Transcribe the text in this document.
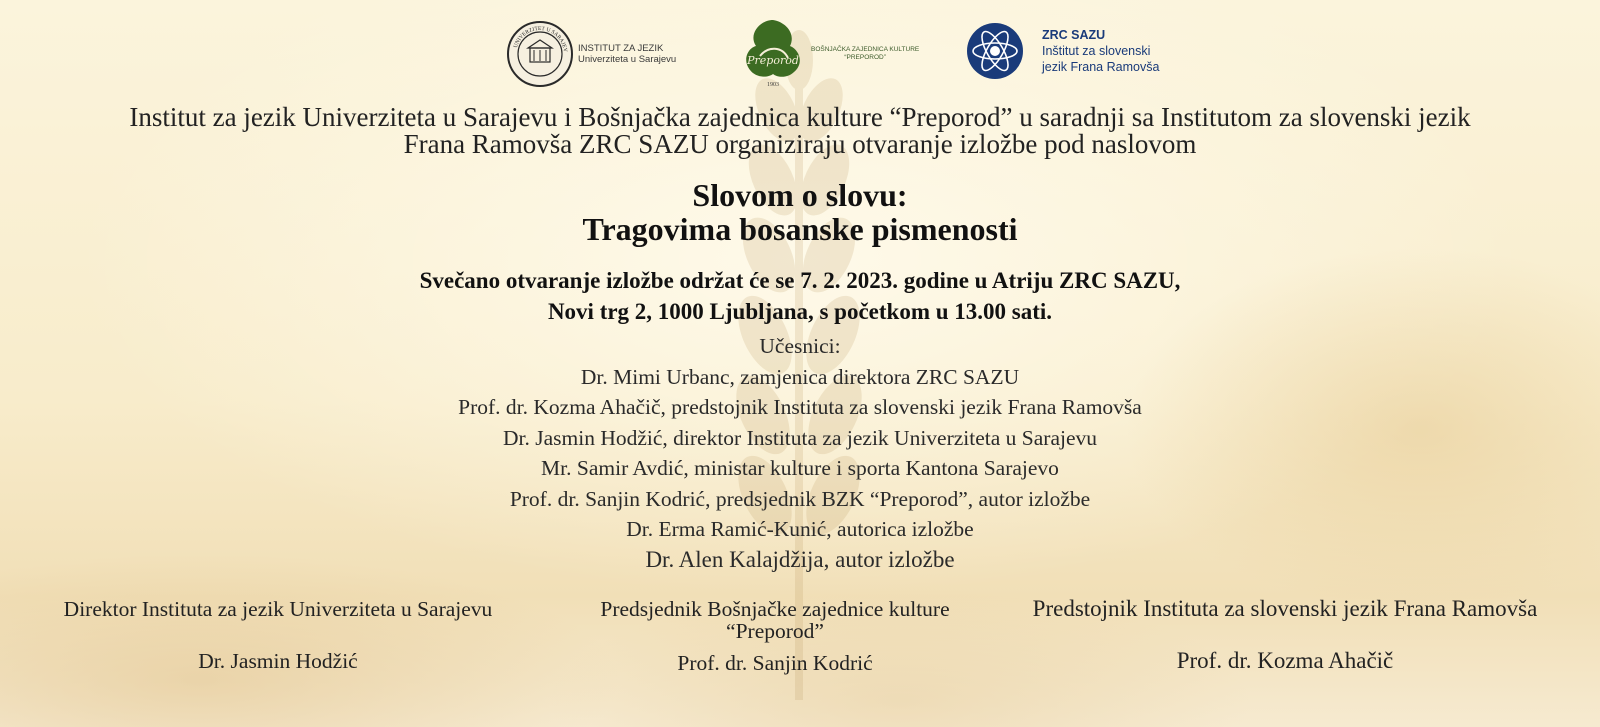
UNIVERZITET U SARAJEV INSTITUT ZA JEZIK
Univerziteta u Sarajevu	Preporod
1903
BOŠNJAČKA ZAJEDNICA KULTURE
“PREPOROD”
ZRC SAZU
Inštitut za slovenski
jezik Frana Ramovša
Institut za jezik Univerziteta u Sarajevu i Bošnjačka zajednica kulture “Preporod” u saradnji sa Institutom za slovenski jezik
Frana Ramovša ZRC SAZU organiziraju otvaranje izložbe pod naslovom
Slovom o slovu:
Tragovima bosanske pismenosti
Svečano otvaranje izložbe održat će se 7. 2. 2023. godine u Atriju ZRC SAZU,
Novi trg 2, 1000 Ljubljana, s početkom u 13.00 sati.
Učesnici:
Dr. Mimi Urbanc, zamjenica direktora ZRC SAZU
Prof. dr. Kozma Ahačič, predstojnik Instituta za slovenski jezik Frana Ramovša
Dr. Jasmin Hodžić, direktor Instituta za jezik Univerziteta u Sarajevu
Mr. Samir Avdić, ministar kulture i sporta Kantona Sarajevo
Prof. dr. Sanjin Kodrić, predsjednik BZK “Preporod”, autor izložbe
Dr. Erma Ramić-Kunić, autorica izložbe
Dr. Alen Kalajdžija, autor izložbe
Direktor Instituta za jezik Univerziteta u Sarajevu
Dr. Jasmin Hodžić
Predsjednik Bošnjačke zajednice kulture “Preporod”
Prof. dr. Sanjin Kodrić
Predstojnik Instituta za slovenski jezik Frana Ramovša
Prof. dr. Kozma Ahačič
